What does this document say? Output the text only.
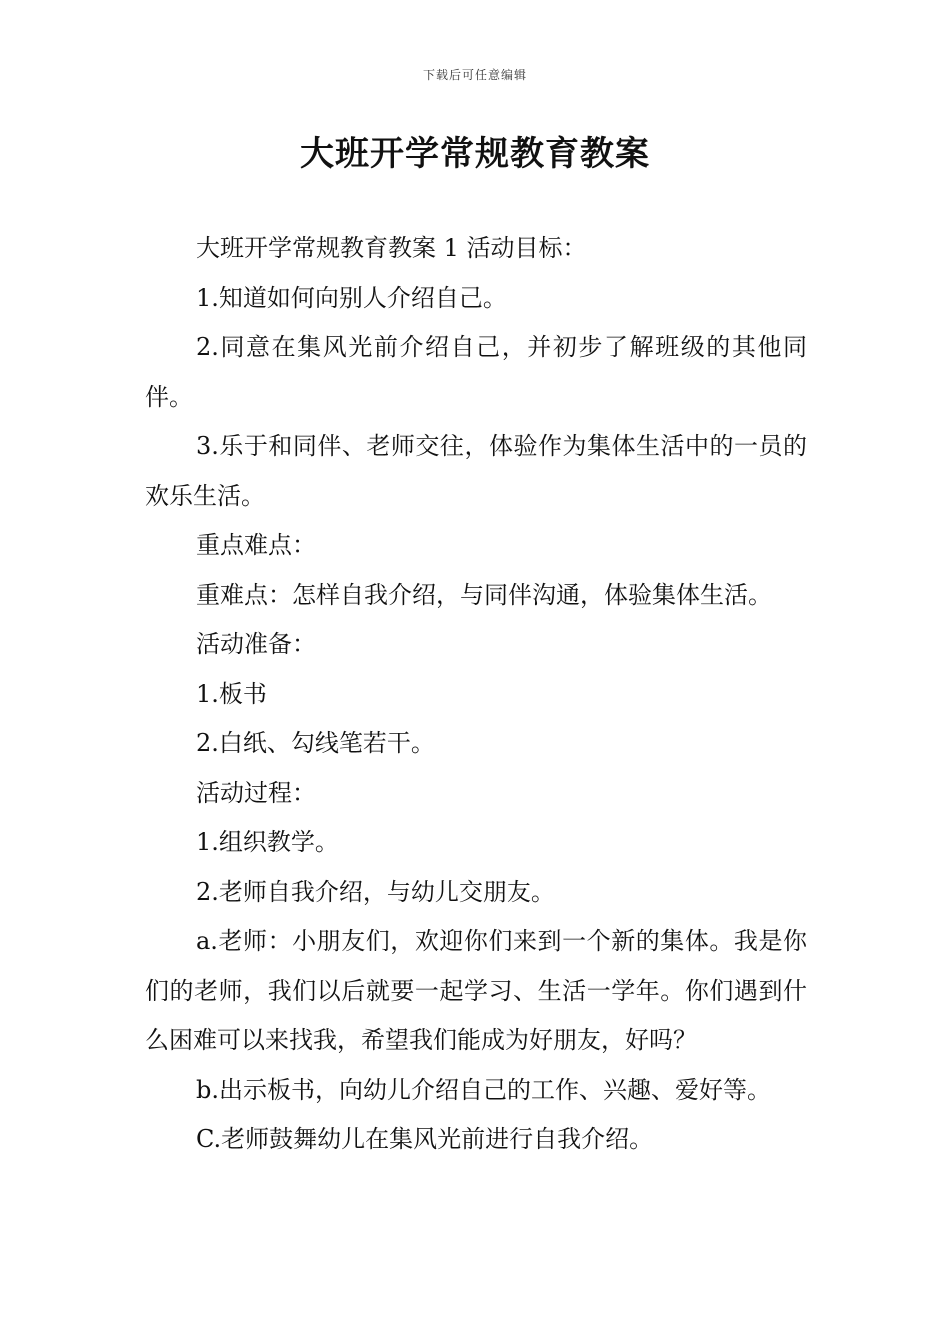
下载后可任意编辑
大班开学常规教育教案

大班开学常规教育教案 1 活动目标：

1.知道如何向别人介绍自己。

2.同意在集风光前介绍自己，并初步了解班级的其他同伴。

3.乐于和同伴、老师交往，体验作为集体生活中的一员的欢乐生活。

重点难点：

重难点：怎样自我介绍，与同伴沟通，体验集体生活。

活动准备：

1.板书

2.白纸、勾线笔若干。

活动过程：

1.组织教学。

2.老师自我介绍，与幼儿交朋友。

a.老师：小朋友们，欢迎你们来到一个新的集体。我是你们的老师，我们以后就要一起学习、生活一学年。你们遇到什么困难可以来找我，希望我们能成为好朋友，好吗？

b.出示板书，向幼儿介绍自己的工作、兴趣、爱好等。

C.老师鼓舞幼儿在集风光前进行自我介绍。
